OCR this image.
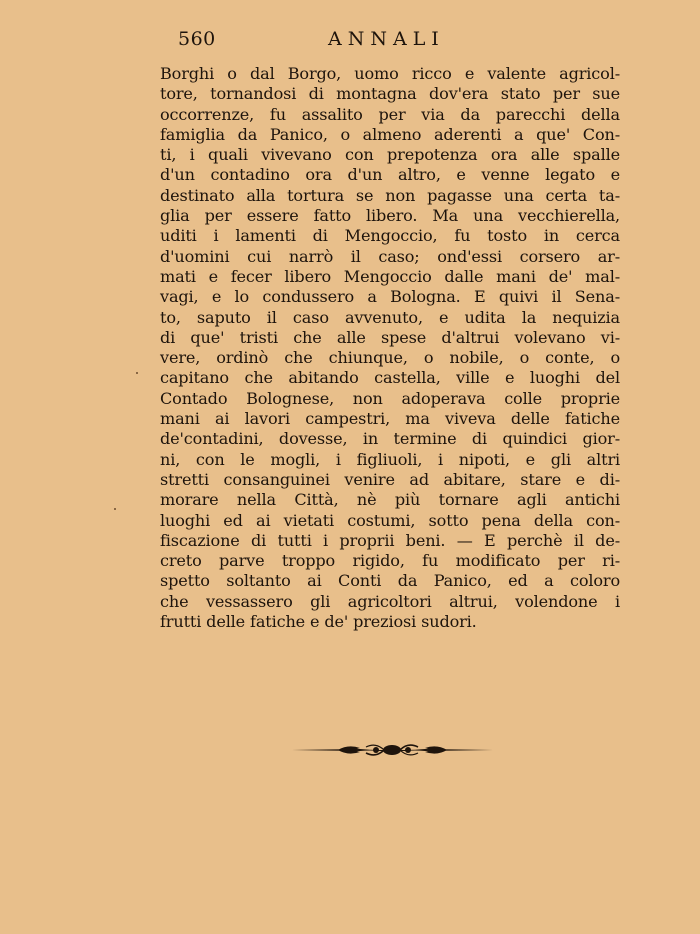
560	ANNALI
Borghi o dal Borgo, uomo ricco e valente agricol-
tore, tornandosi di montagna dov'era stato per sue
occorrenze, fu assalito per via da parecchi della
famiglia da Panico, o almeno aderenti a que' Con-
ti, i quali vivevano con prepotenza ora alle spalle
d'un contadino ora d'un altro, e venne legato e
destinato alla tortura se non pagasse una certa ta-
glia per essere fatto libero. Ma una vecchierella,
uditi i lamenti di Mengoccio, fu tosto in cerca
d'uomini cui narrò il caso; ond'essi corsero ar-
mati e fecer libero Mengoccio dalle mani de' mal-
vagi, e lo condussero a Bologna. E quivi il Sena-
to, saputo il caso avvenuto, e udita la nequizia
di que' tristi che alle spese d'altrui volevano vi-
vere, ordinò che chiunque, o nobile, o conte, o
capitano che abitando castella, ville e luoghi del
Contado Bolognese, non adoperava colle proprie
mani ai lavori campestri, ma viveva delle fatiche
de'contadini, dovesse, in termine di quindici gior-
ni, con le mogli, i figliuoli, i nipoti, e gli altri
stretti consanguinei venire ad abitare, stare e di-
morare nella Città, nè più tornare agli antichi
luoghi ed ai vietati costumi, sotto pena della con-
fiscazione di tutti i proprii beni. — E perchè il de-
creto parve troppo rigido, fu modificato per ri-
spetto soltanto ai Conti da Panico, ed a coloro
che vessassero gli agricoltori altrui, volendone i
frutti delle fatiche e de' preziosi sudori.
